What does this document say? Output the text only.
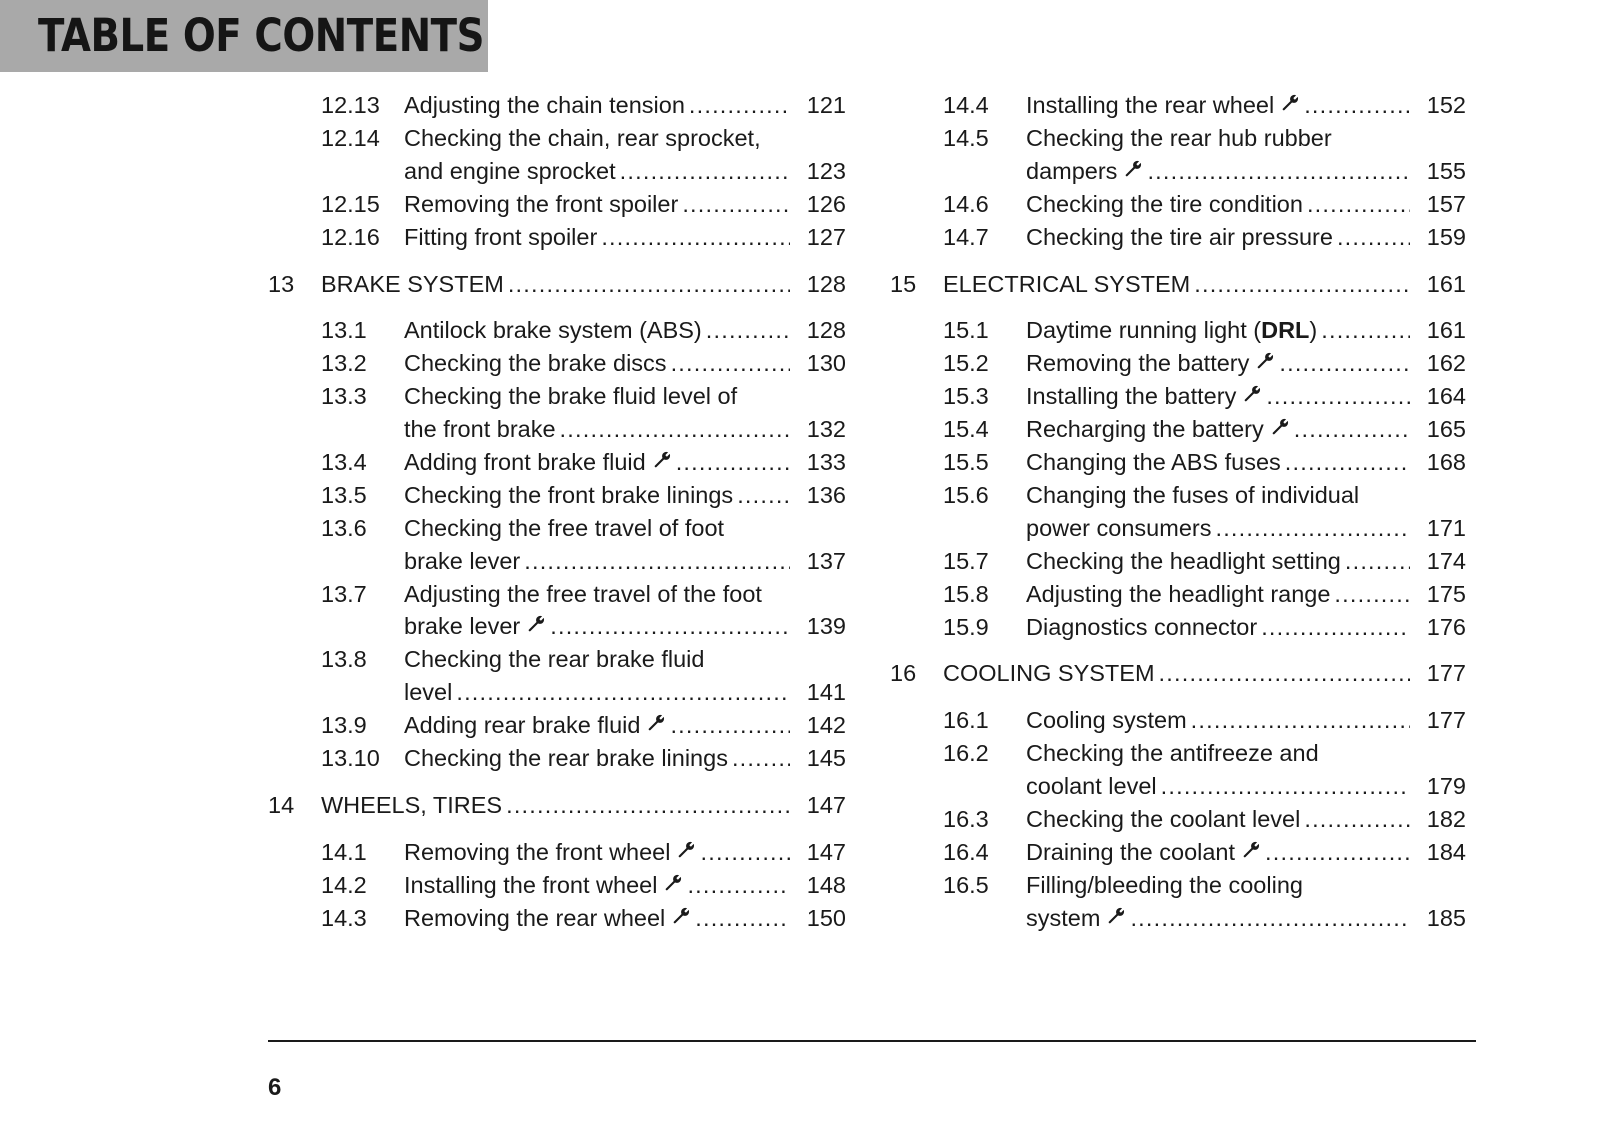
TABLE OF CONTENTS
12.13 Adjusting the chain tension .....	121
12.14 Checking the chain, rear sprocket,
and engine sprocket .....	123
12.15 Removing the front spoiler .....	126
12.16 Fitting front spoiler .....	127
13 BRAKE SYSTEM .....	128
13.1 Antilock brake system (ABS) .....	128
13.2 Checking the brake discs .....	130
13.3 Checking the brake fluid level of
the front brake .....	132
13.4 Adding front brake fluid .....	133
13.5 Checking the front brake linings .....	136
13.6 Checking the free travel of foot
brake lever .....	137
13.7 Adjusting the free travel of the foot
brake lever .....	139
13.8 Checking the rear brake fluid
level .....	141
13.9 Adding rear brake fluid .....	142
13.10 Checking the rear brake linings .....	145
14 WHEELS, TIRES .....	147
14.1 Removing the front wheel .....	147
14.2 Installing the front wheel .....	148
14.3 Removing the rear wheel .....	150
14.4 Installing the rear wheel .....	152
14.5 Checking the rear hub rubber
dampers .....	155
14.6 Checking the tire condition .....	157
14.7 Checking the tire air pressure .....	159
15 ELECTRICAL SYSTEM .....	161
15.1 Daytime running light (DRL) .....	161
15.2 Removing the battery .....	162
15.3 Installing the battery .....	164
15.4 Recharging the battery .....	165
15.5 Changing the ABS fuses .....	168
15.6 Changing the fuses of individual
power consumers .....	171
15.7 Checking the headlight setting .....	174
15.8 Adjusting the headlight range .....	175
15.9 Diagnostics connector .....	176
16 COOLING SYSTEM .....	177
16.1 Cooling system .....	177
16.2 Checking the antifreeze and
coolant level .....	179
16.3 Checking the coolant level .....	182
16.4 Draining the coolant .....	184
16.5 Filling/bleeding the cooling
system .....	185
6
